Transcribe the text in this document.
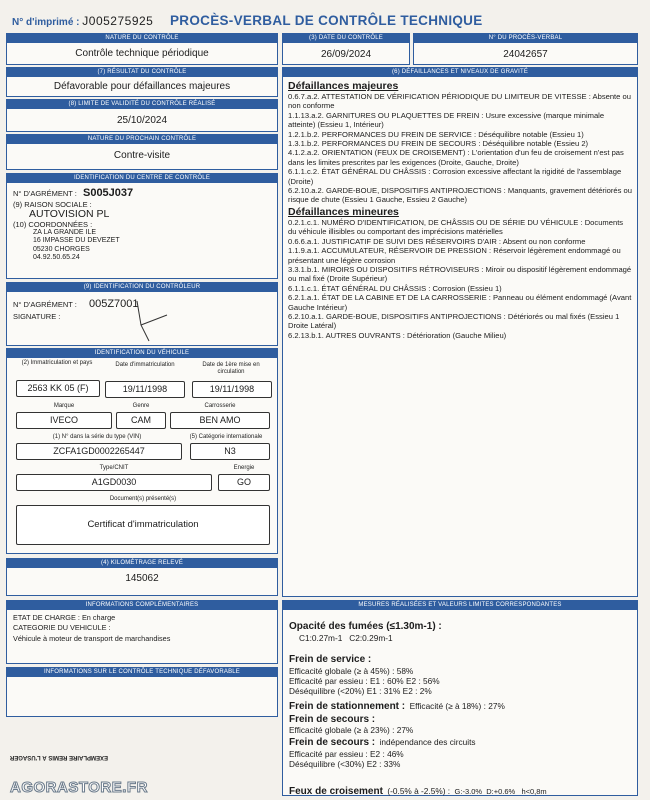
N° d'imprimé : J005275925 PROCÈS-VERBAL DE CONTRÔLE TECHNIQUE
NATURE DU CONTRÔLE
Contrôle technique périodique
(3) DATE DU CONTRÔLE
26/09/2024
N° DU PROCÈS-VERBAL
24042657
(7) RÉSULTAT DU CONTRÔLE
Défavorable pour défaillances majeures
(8) LIMITE DE VALIDITÉ DU CONTRÔLE RÉALISÉ
25/10/2024
NATURE DU PROCHAIN CONTRÔLE
Contre-visite
IDENTIFICATION DU CENTRE DE CONTRÔLE
N° D'AGRÉMENT : S005J037
(9) RAISON SOCIALE :
AUTOVISION PL
(10) COORDONNÉES :
ZA LA GRANDE ILE
16 IMPASSE DU DEVEZET
05230 CHORGES
04.92.50.65.24
(9) IDENTIFICATION DU CONTRÔLEUR
N° D'AGRÉMENT : 005Z7001
SIGNATURE :
IDENTIFICATION DU VÉHICULE
(2) Immatriculation et pays	Date d'immatriculation	Date de 1ère mise en circulation
2563 KK 05 (F)	19/11/1998	19/11/1998
Marque	Genre	Carrosserie
IVECO	CAM	BEN AMO
(1) N° dans la série du type (VIN)	(5) Catégorie internationale
ZCFA1GD0002265447	N3
Type/CNIT	Energie
A1GD0030	GO
Document(s) présenté(s)
Certificat d'immatriculation
(4) KILOMÉTRAGE RELEVÉ
145062
INFORMATIONS COMPLÉMENTAIRES
ETAT DE CHARGE : En charge
CATEGORIE DU VEHICULE :
Véhicule à moteur de transport de marchandises
INFORMATIONS SUR LE CONTRÔLE TECHNIQUE DÉFAVORABLE
EXEMPLAIRE REMIS À L'USAGER
AGORASTORE.FR
(6) DÉFAILLANCES ET NIVEAUX DE GRAVITÉ
Défaillances majeures
0.6.7.a.2. ATTESTATION DE VÉRIFICATION PÉRIODIQUE DU LIMITEUR DE VITESSE : Absente ou non conforme
1.1.13.a.2. GARNITURES OU PLAQUETTES DE FREIN : Usure excessive (marque minimale atteinte) (Essieu 1, Intérieur)
1.2.1.b.2. PERFORMANCES DU FREIN DE SERVICE : Déséquilibre notable (Essieu 1)
1.3.1.b.2. PERFORMANCES DU FREIN DE SECOURS : Déséquilibre notable (Essieu 2)
4.1.2.a.2. ORIENTATION (FEUX DE CROISEMENT) : L'orientation d'un feu de croisement n'est pas dans les limites prescrites par les exigences (Droite, Gauche, Droite)
6.1.1.c.2. ÉTAT GÉNÉRAL DU CHÂSSIS : Corrosion excessive affectant la rigidité de l'assemblage (Droite)
6.2.10.a.2. GARDE-BOUE, DISPOSITIFS ANTIPROJECTIONS : Manquants, gravement détériorés ou risque de chute (Essieu 1 Gauche, Essieu 2 Gauche)
Défaillances mineures
0.2.1.c.1. NUMÉRO D'IDENTIFICATION, DE CHÂSSIS OU DE SÉRIE DU VÉHICULE : Documents du véhicule illisibles ou comportant des imprécisions matérielles
0.6.6.a.1. JUSTIFICATIF DE SUIVI DES RÉSERVOIRS D'AIR : Absent ou non conforme
1.1.9.a.1. ACCUMULATEUR, RÉSERVOIR DE PRESSION : Réservoir légèrement endommagé ou présentant une légère corrosion
3.3.1.b.1. MIROIRS OU DISPOSITIFS RÉTROVISEURS : Miroir ou dispositif légèrement endommagé ou mal fixé (Droite Supérieur)
6.1.1.c.1. ÉTAT GÉNÉRAL DU CHÂSSIS : Corrosion (Essieu 1)
6.2.1.a.1. ÉTAT DE LA CABINE ET DE LA CARROSSERIE : Panneau ou élément endommagé (Avant Gauche Intérieur)
6.2.10.a.1. GARDE-BOUE, DISPOSITIFS ANTIPROJECTIONS : Détériorés ou mal fixés (Essieu 1 Droite Latéral)
6.2.13.b.1. AUTRES OUVRANTS : Détérioration (Gauche Milieu)
MESURES RÉALISÉES ET VALEURS LIMITES CORRESPONDANTES
Opacité des fumées (≤1.30m-1) :
C1:0.27m-1   C2:0.29m-1
Frein de service :
Efficacité globale (≥ à 45%) : 58%
Efficacité par essieu : E1 : 60% E2 : 56%
Déséquilibre (<20%) E1 : 31% E2 : 2%
Frein de stationnement : Efficacité (≥ à 18%) : 27%
Frein de secours :
Efficacité globale (≥ à 23%) : 27%
Frein de secours : indépendance des circuits
Efficacité par essieu : E2 : 46%
Déséquilibre (<30%) E2 : 33%
Feux de croisement (-0.5% à -2.5%) : G:-3.0%  D:+0.6%   h<0,8m
